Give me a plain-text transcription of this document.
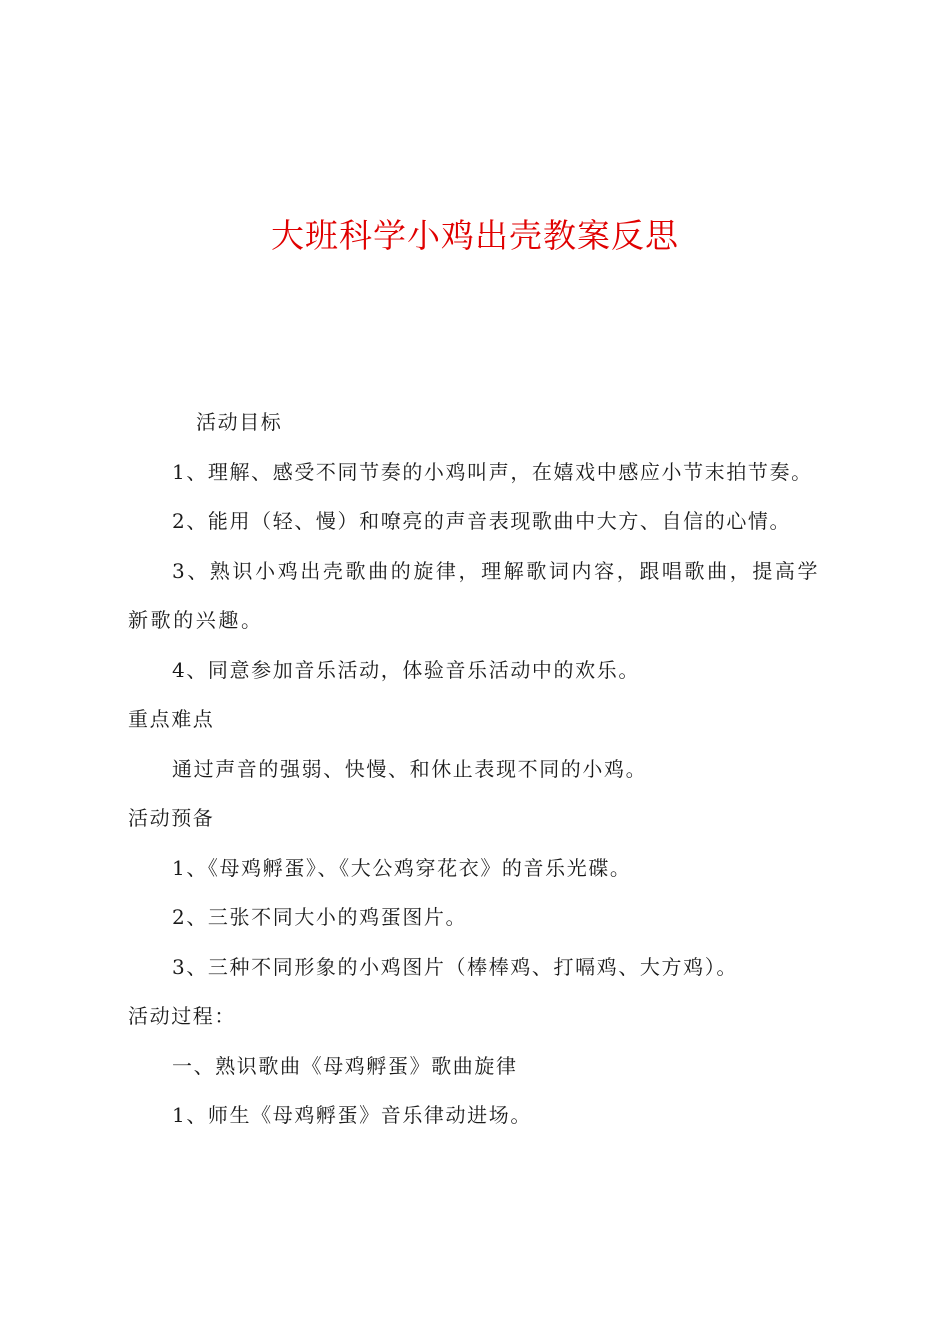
大班科学小鸡出壳教案反思
活动目标
1、理解、感受不同节奏的小鸡叫声，在嬉戏中感应小节末拍节奏。
2、能用（轻、慢）和嘹亮的声音表现歌曲中大方、自信的心情。
3、熟识小鸡出壳歌曲的旋律，理解歌词内容，跟唱歌曲，提高学新歌的兴趣。
4、同意参加音乐活动，体验音乐活动中的欢乐。
重点难点
通过声音的强弱、快慢、和休止表现不同的小鸡。
活动预备
1、《母鸡孵蛋》、《大公鸡穿花衣》的音乐光碟。
2、三张不同大小的鸡蛋图片。
3、三种不同形象的小鸡图片（棒棒鸡、打嗝鸡、大方鸡）。
活动过程：
一、熟识歌曲《母鸡孵蛋》歌曲旋律
1、师生《母鸡孵蛋》音乐律动进场。
